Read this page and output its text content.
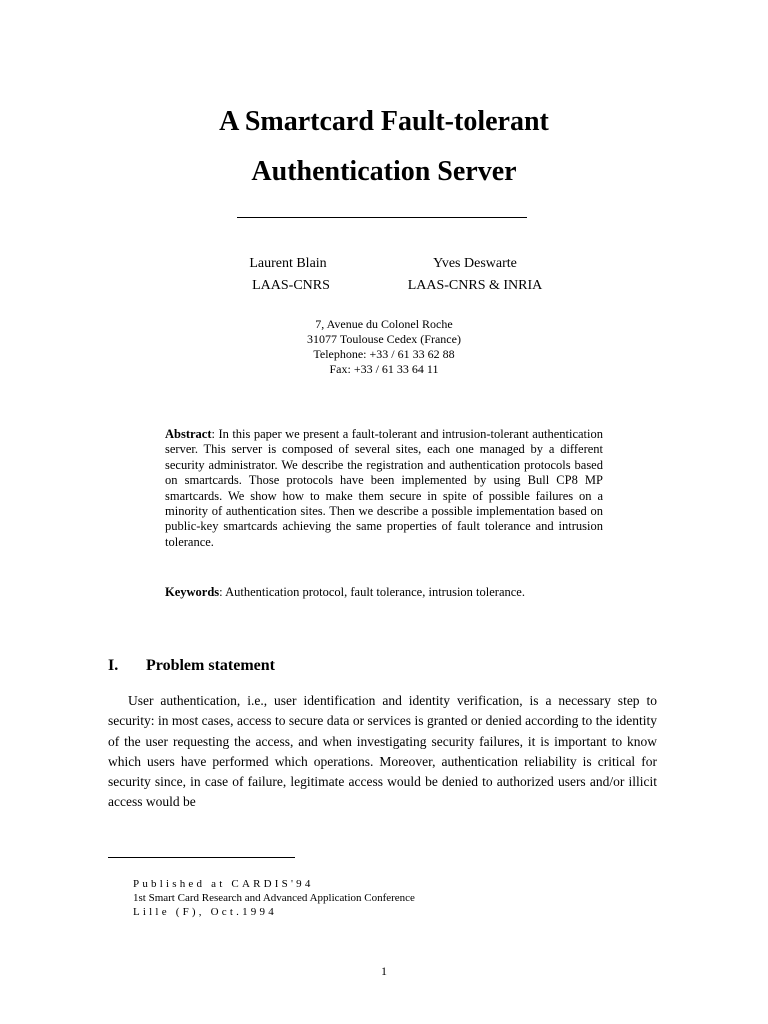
A Smartcard Fault-tolerant
Authentication Server
Laurent Blain
LAAS-CNRS
Yves Deswarte
LAAS-CNRS & INRIA
7, Avenue du Colonel Roche
31077 Toulouse Cedex (France)
Telephone: +33 / 61 33 62 88
Fax: +33 / 61 33 64 11
Abstract: In this paper we present a fault-tolerant and intrusion-tolerant authentication server. This server is composed of several sites, each one managed by a different security administrator. We describe the registration and authentication protocols based on smartcards. Those protocols have been implemented by using Bull CP8 MP smartcards. We show how to make them secure in spite of possible failures on a minority of authentication sites. Then we describe a possible implementation based on public-key smartcards achieving the same properties of fault tolerance and intrusion tolerance.
Keywords: Authentication protocol, fault tolerance, intrusion tolerance.
I. Problem statement
User authentication, i.e., user identification and identity verification, is a necessary step to security: in most cases, access to secure data or services is granted or denied according to the identity of the user requesting the access, and when investigating security failures, it is important to know which users have performed which operations. Moreover, authentication reliability is critical for security since, in case of failure, legitimate access would be denied to authorized users and/or illicit access would be
Published at CARDIS'94
1st Smart Card Research and Advanced Application Conference
Lille (F), Oct.1994
1
